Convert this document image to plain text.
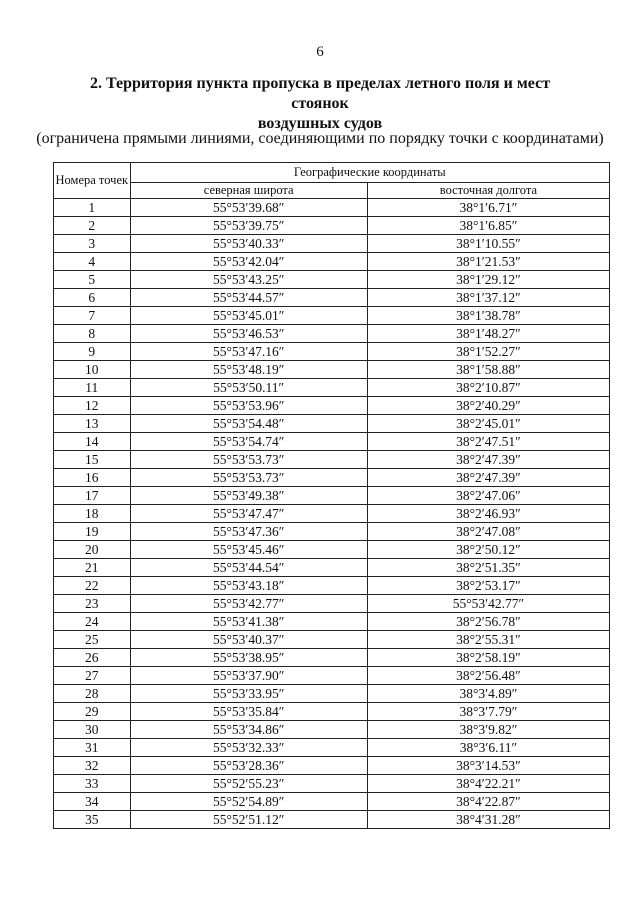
6
2. Территория пункта пропуска в пределах летного поля и мест стоянок
воздушных судов
(ограничена прямыми линиями, соединяющими по порядку точки с координатами)
Номера точек	Географические координаты	
	северная широта	восточная долгота
1	55°53′39.68″	38°1′6.71″
2	55°53′39.75″	38°1′6.85″
3	55°53′40.33″	38°1′10.55″
4	55°53′42.04″	38°1′21.53″
5	55°53′43.25″	38°1′29.12″
6	55°53′44.57″	38°1′37.12″
7	55°53′45.01″	38°1′38.78″
8	55°53′46.53″	38°1′48.27″
9	55°53′47.16″	38°1′52.27″
10	55°53′48.19″	38°1′58.88″
11	55°53′50.11″	38°2′10.87″
12	55°53′53.96″	38°2′40.29″
13	55°53′54.48″	38°2′45.01″
14	55°53′54.74″	38°2′47.51″
15	55°53′53.73″	38°2′47.39″
16	55°53′53.73″	38°2′47.39″
17	55°53′49.38″	38°2′47.06″
18	55°53′47.47″	38°2′46.93″
19	55°53′47.36″	38°2′47.08″
20	55°53′45.46″	38°2′50.12″
21	55°53′44.54″	38°2′51.35″
22	55°53′43.18″	38°2′53.17″
23	55°53′42.77″	55°53′42.77″
24	55°53′41.38″	38°2′56.78″
25	55°53′40.37″	38°2′55.31″
26	55°53′38.95″	38°2′58.19″
27	55°53′37.90″	38°2′56.48″
28	55°53′33.95″	38°3′4.89″
29	55°53′35.84″	38°3′7.79″
30	55°53′34.86″	38°3′9.82″
31	55°53′32.33″	38°3′6.11″
32	55°53′28.36″	38°3′14.53″
33	55°52′55.23″	38°4′22.21″
34	55°52′54.89″	38°4′22.87″
35	55°52′51.12″	38°4′31.28″
